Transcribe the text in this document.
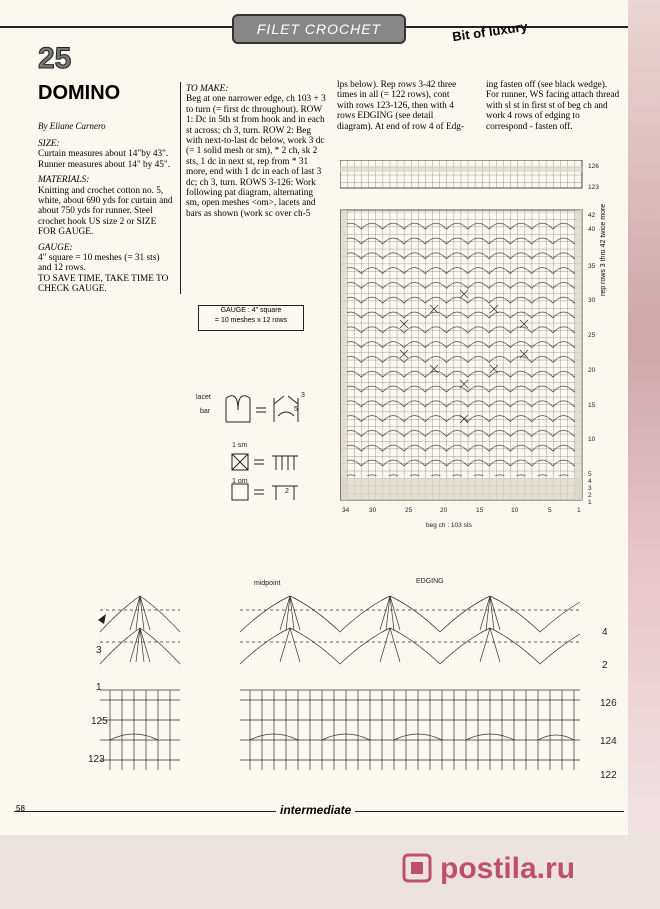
FILET CROCHET	Bit of luxury
25
DOMINO
By Eliane Carnero
SIZE:

Curtain measures about 14"by 43". Runner measures about 14" by 45".

MATERIALS:

Knitting and crochet cotton no. 5, white, about 690 yds for curtain and about 750 yds for runner. Steel crochet hook US size 2 or SIZE FOR GAUGE.

GAUGE:
4" square = 10 meshes (= 31 sts) and 12 rows.
TO SAVE TIME, TAKE TIME TO CHECK GAUGE.
TO MAKE:
Beg at one narrower edge, ch 103 + 3 to turn (= first dc throughout). ROW 1: Dc in 5th st from hook and in each st across; ch 3, turn. ROW 2: Beg with next-to-last dc below, work 3 dc (= 1 solid mesh or sm), * 2 ch, sk 2 sts, 1 dc in next st, rep from * 31 more, end with 1 dc in each of last 3 dc; ch 3, turn. ROWS 3-126: Work following pat diagram, alternating sm, open meshes <om>, lacets and bars as shown (work sc over ch-5
lps below). Rep rows 3-42 three times in all (= 122 rows), cont with rows 123-126, then with 4 rows EDGING (see detail diagram). At end of row 4 of Edg-
ing fasten off (see black wedge). For runner, WS facing attach thread with sl st in first st of beg ch and work 4 rows of edging to correspond - fasten off.
GAUGE : 4" square
= 10 meshes x 12 rows
lacet
bar
1 sm
1 om
3
5
2
126
123
42
40
35
30
25
20
15
10
5
4
3
2
1
34	30	25	20	15	10	5	1
rep rows 3 thru 42 twice more
beg ch : 103 sts
midpoint	EDGING
3
1
125
123
4
2
126
124
122
58	intermediate
postila.ru
